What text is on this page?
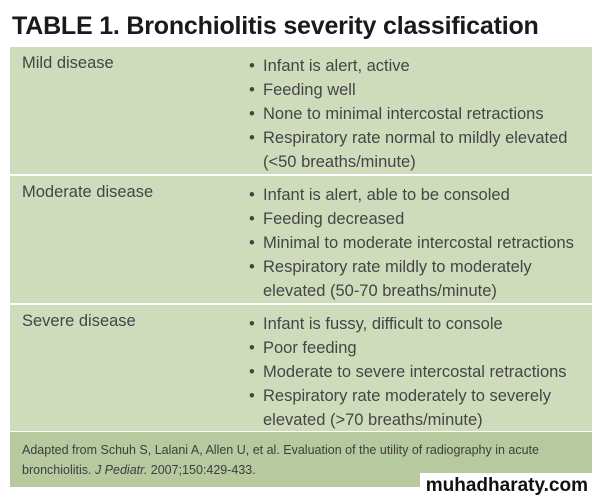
TABLE 1. Bronchiolitis severity classification
Mild disease	• Infant is alert, active
• Feeding well
• None to minimal intercostal retractions
• Respiratory rate normal to mildly elevated (<50 breaths/minute)
Moderate disease	• Infant is alert, able to be consoled
• Feeding decreased
• Minimal to moderate intercostal retractions
• Respiratory rate mildly to moderately elevated (50-70 breaths/minute)
Severe disease	• Infant is fussy, difficult to console
• Poor feeding
• Moderate to severe intercostal retractions
• Respiratory rate moderately to severely elevated (>70 breaths/minute)

Adapted from Schuh S, Lalani A, Allen U, et al. Evaluation of the utility of radiography in acute bronchiolitis. J Pediatr. 2007;150:429-433.

muhadharaty.com
